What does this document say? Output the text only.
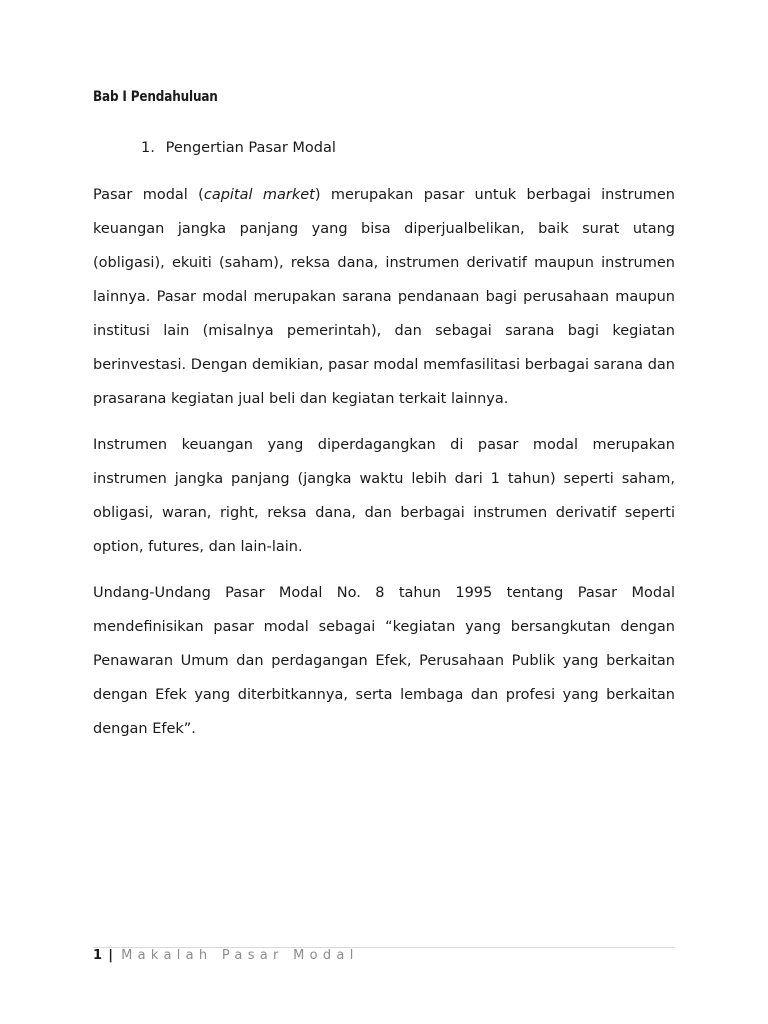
Bab I Pendahuluan
1. Pengertian Pasar Modal

Pasar modal (capital market) merupakan pasar untuk berbagai instrumen keuangan jangka panjang yang bisa diperjualbelikan, baik surat utang (obligasi), ekuiti (saham), reksa dana, instrumen derivatif maupun instrumen lainnya. Pasar modal merupakan sarana pendanaan bagi perusahaan maupun institusi lain (misalnya pemerintah), dan sebagai sarana bagi kegiatan berinvestasi. Dengan demikian, pasar modal memfasilitasi berbagai sarana dan prasarana kegiatan jual beli dan kegiatan terkait lainnya.

Instrumen keuangan yang diperdagangkan di pasar modal merupakan instrumen jangka panjang (jangka waktu lebih dari 1 tahun) seperti saham, obligasi, waran, right, reksa dana, dan berbagai instrumen derivatif seperti option, futures, dan lain-lain.

Undang-Undang Pasar Modal No. 8 tahun 1995 tentang Pasar Modal mendefinisikan pasar modal sebagai “kegiatan yang bersangkutan dengan Penawaran Umum dan perdagangan Efek, Perusahaan Publik yang berkaitan dengan Efek yang diterbitkannya, serta lembaga dan profesi yang berkaitan dengan Efek”.

1 | Makalah Pasar Modal
